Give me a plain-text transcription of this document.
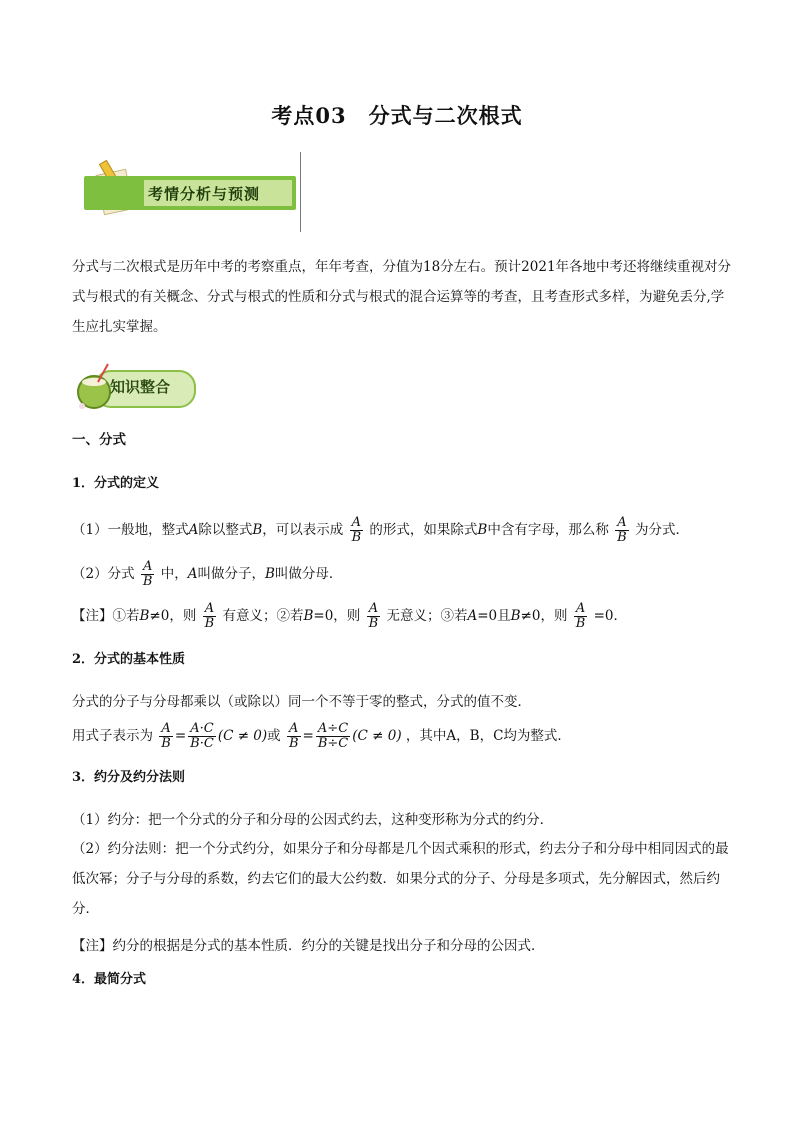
考点03　分式与二次根式
考情分析与预测
分式与二次根式是历年中考的考察重点，年年考查，分值为18分左右。预计2021年各地中考还将继续重视对分式与根式的有关概念、分式与根式的性质和分式与根式的混合运算等的考查，且考查形式多样，为避免丢分,学生应扎实掌握。
知识整合
一、分式
1．分式的定义
（1）一般地，整式A除以整式B，可以表示成 $\frac{A}{B}$ 的形式，如果除式B中含有字母，那么称 $\frac{A}{B}$ 为分式．
（2）分式 $\frac{A}{B}$ 中，A叫做分子，B叫做分母．
【注】①若B≠0，则 $\frac{A}{B}$ 有意义；②若B=0，则 $\frac{A}{B}$ 无意义；③若A=0且B≠0，则 $\frac{A}{B} =0$．
2．分式的基本性质
分式的分子与分母都乘以（或除以）同一个不等于零的整式，分式的值不变．
用式子表示为 $\frac{A}{B} = \frac{A\cdot C}{B\cdot C} (C \ne 0)$或 $\frac{A}{B} = \frac{A\div C}{B\div C} (C \ne 0)$ ，其中A，B，C均为整式．
3．约分及约分法则
（1）约分：把一个分式的分子和分母的公因式约去，这种变形称为分式的约分．
（2）约分法则：把一个分式约分，如果分子和分母都是几个因式乘积的形式，约去分子和分母中相同因式的最低次幂；分子与分母的系数，约去它们的最大公约数．如果分式的分子、分母是多项式，先分解因式，然后约分．
【注】约分的根据是分式的基本性质．约分的关键是找出分子和分母的公因式．
4．最简分式
